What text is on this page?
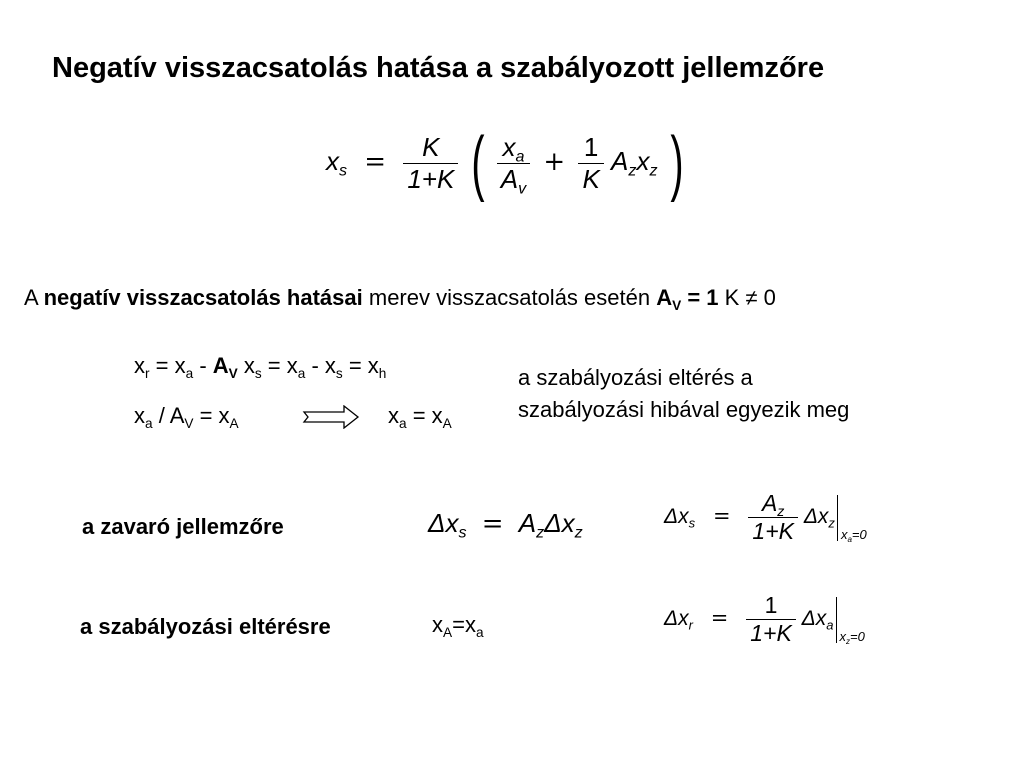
Negatív visszacsatolás hatása a szabályozott jellemzőre
$x_s = \frac{K}{1+K}$ ( $\frac{x_a}{A_v} + \frac{1}{K} A_zx_z$ )
A negatív visszacsatolás hatásai merev visszacsatolás esetén $A_V = 1$ K ≠ 0
$x_r = x_a - A_V$ $x_s = x_a - x_s = x_h$
$x_a / A_V = x_A$	$x_a = x_A$
a szabályozási eltérés a
szabályozási hibával egyezik meg
a zavaró jellemzőre	$\Delta x_s = A_z\Delta x_z$
$\Delta x_s = \frac{A_z}{1+K} \Delta x_{zx_a=0}$
a szabályozási eltérésre	$x_A=x_a$
$\Delta x_r = \frac{1}{1+K} \Delta x_{ax_z=0}$
